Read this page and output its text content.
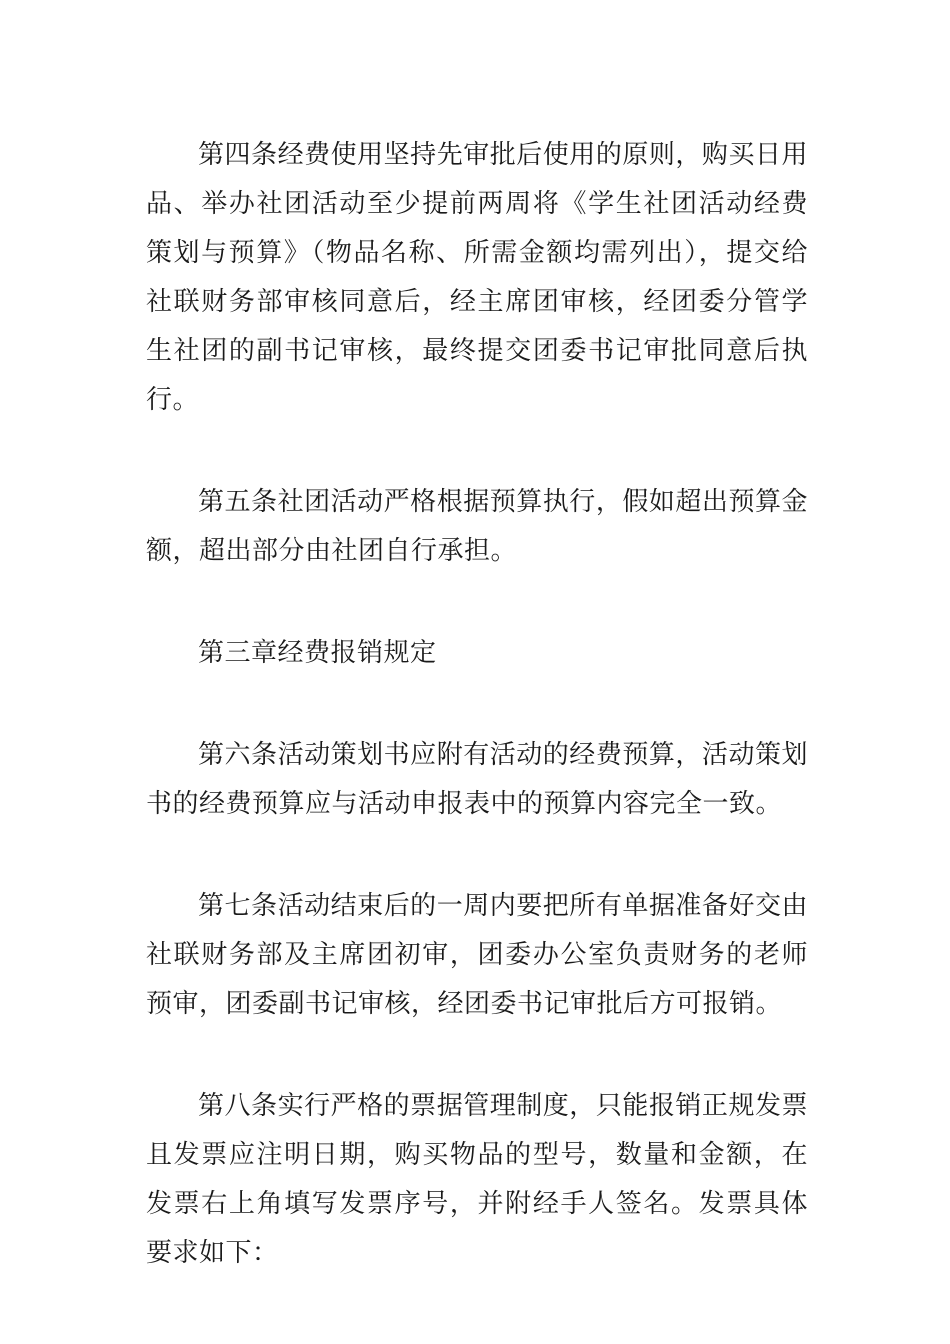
第四条经费使用坚持先审批后使用的原则，购买日用品、举办社团活动至少提前两周将《学生社团活动经费策划与预算》（物品名称、所需金额均需列出），提交给社联财务部审核同意后，经主席团审核，经团委分管学生社团的副书记审核，最终提交团委书记审批同意后执行。

第五条社团活动严格根据预算执行，假如超出预算金额，超出部分由社团自行承担。

第三章经费报销规定

第六条活动策划书应附有活动的经费预算，活动策划书的经费预算应与活动申报表中的预算内容完全一致。

第七条活动结束后的一周内要把所有单据准备好交由社联财务部及主席团初审，团委办公室负责财务的老师预审，团委副书记审核，经团委书记审批后方可报销。

第八条实行严格的票据管理制度，只能报销正规发票且发票应注明日期，购买物品的型号，数量和金额，在发票右上角填写发票序号，并附经手人签名。发票具体要求如下：
